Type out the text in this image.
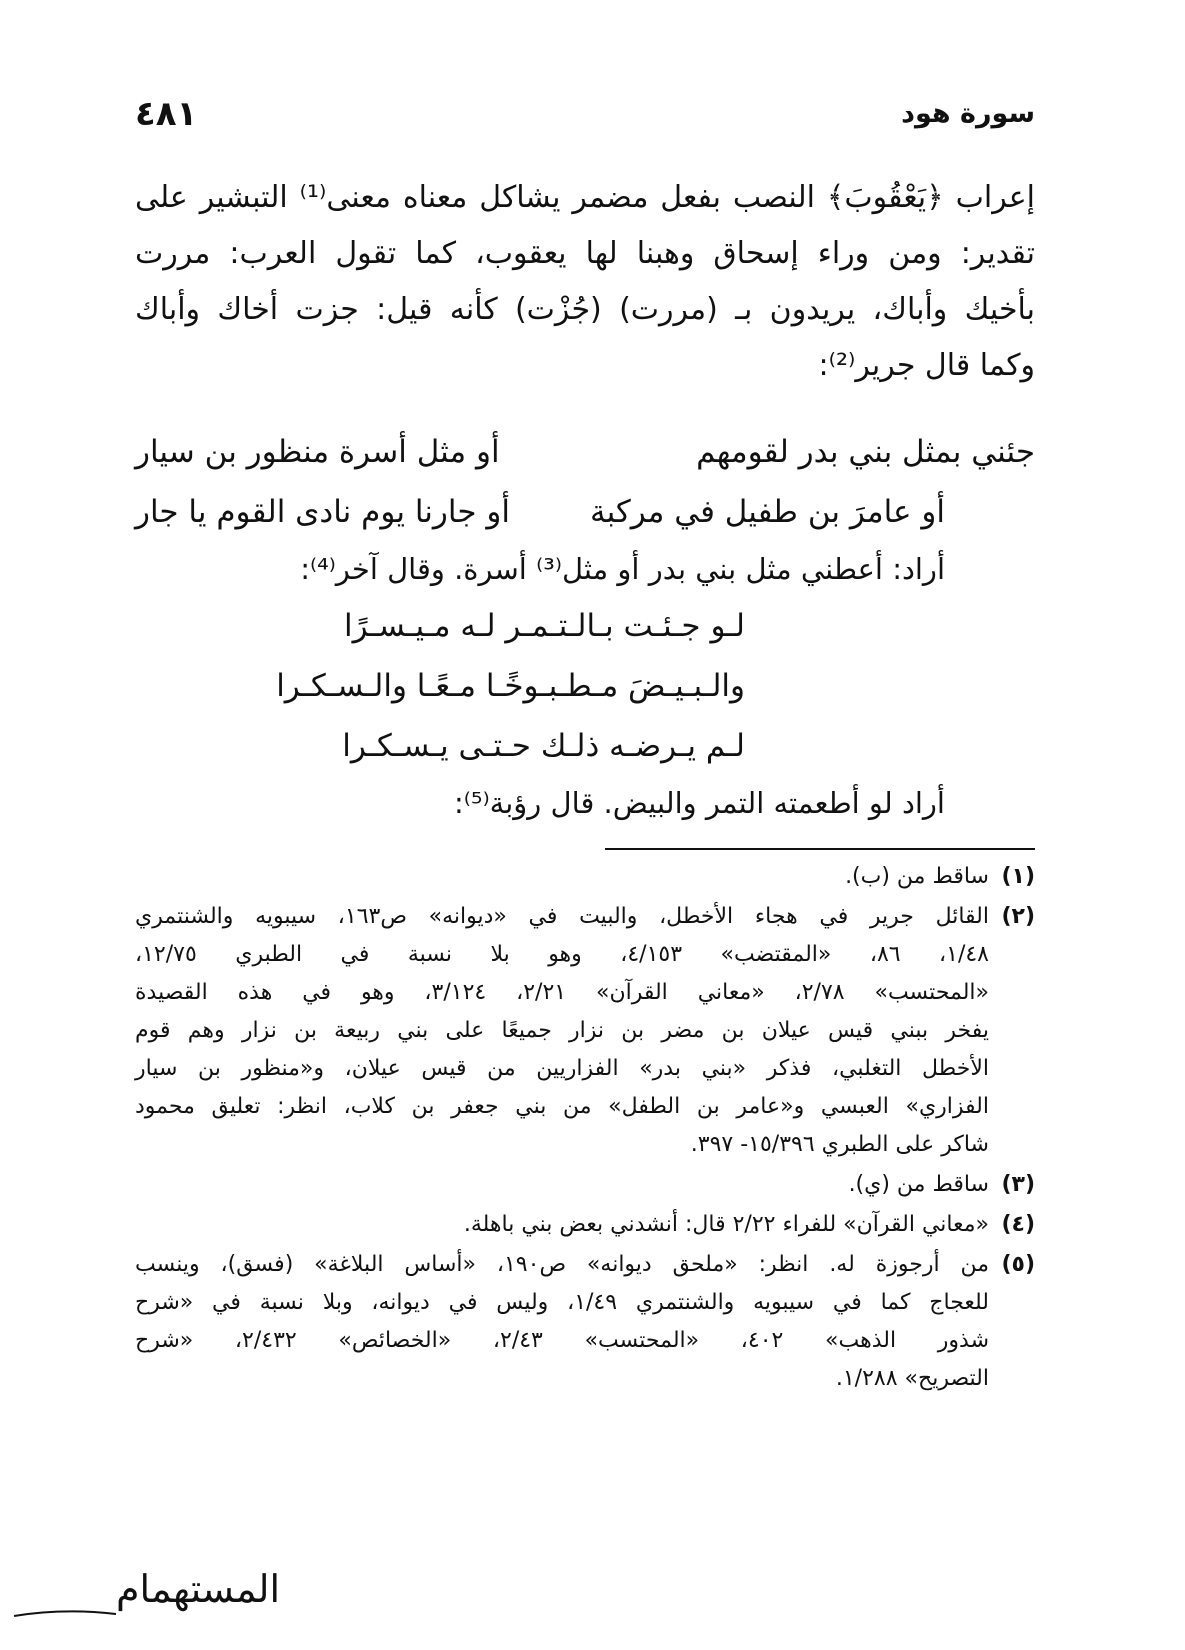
سورة هود
٤٨١
إعراب ﴿يَعْقُوبَ﴾ النصب بفعل مضمر يشاكل معناه معنى⁽¹⁾ التبشير على
تقدير: ومن وراء إسحاق وهبنا لها يعقوب، كما تقول العرب: مررت
بأخيك وأباك، يريدون بـ (مررت) (جُزْت) كأنه قيل: جزت أخاك وأباك
وكما قال جرير⁽²⁾:
جئني بمثل بني بدر لقومهم
أو مثل أسرة منظور بن سيار
أو عامرَ بن طفيل في مركبة
أو جارنا يوم نادى القوم يا جار
أراد: أعطني مثل بني بدر أو مثل⁽³⁾ أسرة. وقال آخر⁽⁴⁾:
لـو جـئـت بـالـتـمـر لـه مـيـسـرًا
والـبـيـضَ مـطـبـوخًـا مـعًـا والـسـكـرا
لـم يـرضـه ذلـك حـتـى يـسـكـرا
أراد لو أطعمته التمر والبيض. قال رؤبة⁽⁵⁾:
(١)
ساقط من (ب).
(٢)
القائل جرير في هجاء الأخطل، والبيت في «ديوانه» ص١٦٣، سيبويه والشنتمري
١/٤٨، ٨٦، «المقتضب» ٤/١٥٣، وهو بلا نسبة في الطبري ١٢/٧٥،
«المحتسب» ٢/٧٨، «معاني القرآن» ٢/٢١، ٣/١٢٤، وهو في هذه القصيدة
يفخر ببني قيس عيلان بن مضر بن نزار جميعًا على بني ربيعة بن نزار وهم قوم
الأخطل التغلبي، فذكر «بني بدر» الفزاريين من قيس عيلان، و«منظور بن سيار
الفزاري» العبسي و«عامر بن الطفل» من بني جعفر بن كلاب، انظر: تعليق محمود
شاكر على الطبري ١٥/٣٩٦- ٣٩٧.
(٣)
ساقط من (ي).
(٤)
«معاني القرآن» للفراء ٢/٢٢ قال: أنشدني بعض بني باهلة.
(٥)
من أرجوزة له. انظر: «ملحق ديوانه» ص١٩٠، «أساس البلاغة» (فسق)، وينسب
للعجاج كما في سيبويه والشنتمري ١/٤٩، وليس في ديوانه، وبلا نسبة في «شرح
شذور الذهب» ٤٠٢، «المحتسب» ٢/٤٣، «الخصائص» ٢/٤٣٢، «شرح
التصريح» ١/٢٨٨.
المستهمام
